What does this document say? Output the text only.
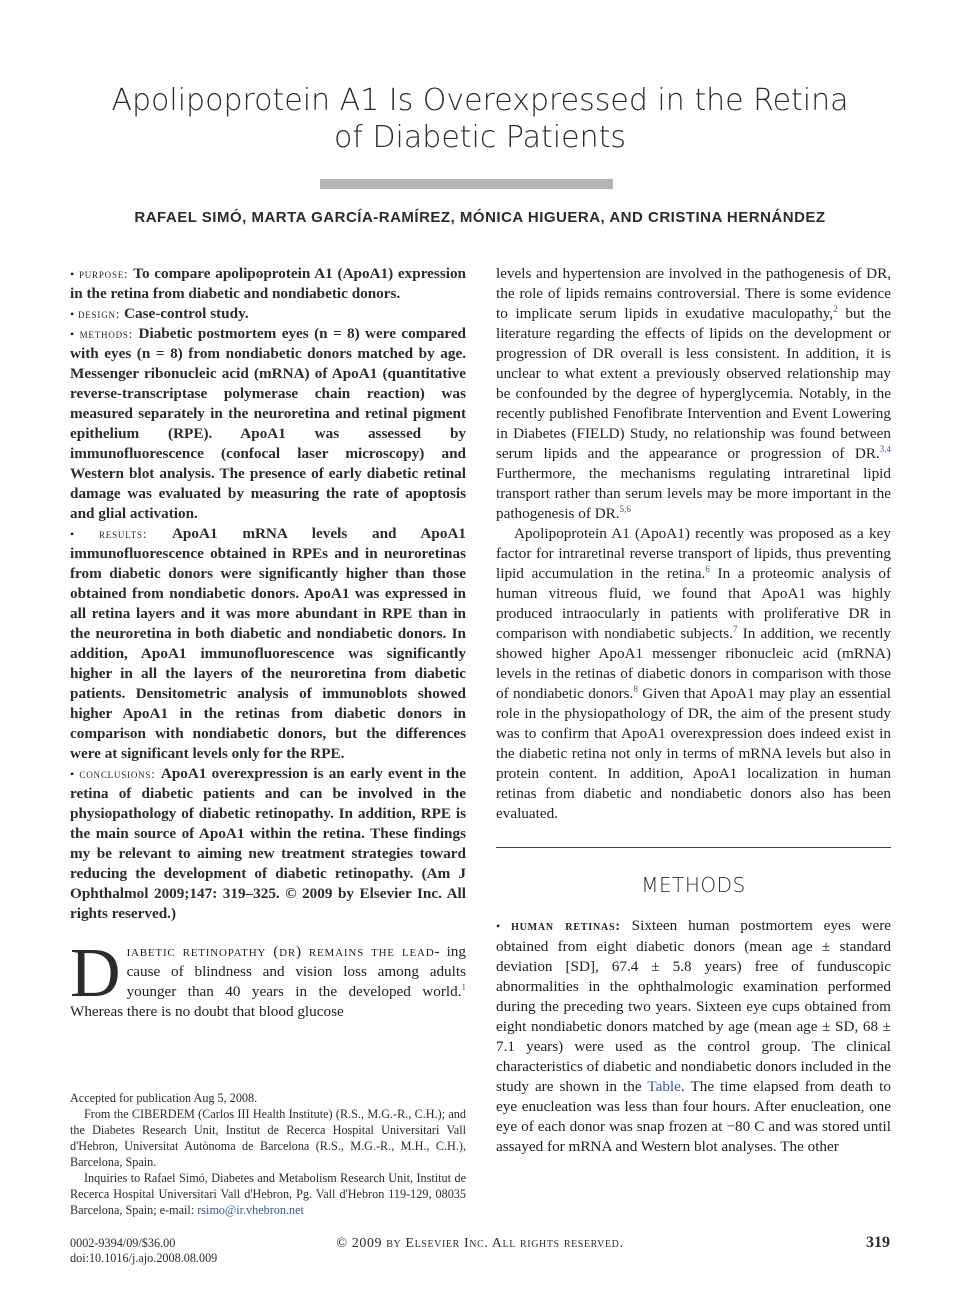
Apolipoprotein A1 Is Overexpressed in the Retina
of Diabetic Patients
RAFAEL SIMÓ, MARTA GARCÍA-RAMÍREZ, MÓNICA HIGUERA, AND CRISTINA HERNÁNDEZ

• purpose: To compare apolipoprotein A1 (ApoA1) expression in the retina from diabetic and nondiabetic donors.

• design: Case-control study.

• methods: Diabetic postmortem eyes (n = 8) were compared with eyes (n = 8) from nondiabetic donors matched by age. Messenger ribonucleic acid (mRNA) of ApoA1 (quantitative reverse-transcriptase polymerase chain reaction) was measured separately in the neuroretina and retinal pigment epithelium (RPE). ApoA1 was assessed by immunofluorescence (confocal laser microscopy) and Western blot analysis. The presence of early diabetic retinal damage was evaluated by measuring the rate of apoptosis and glial activation.

• results: ApoA1 mRNA levels and ApoA1 immunofluorescence obtained in RPEs and in neuroretinas from diabetic donors were significantly higher than those obtained from nondiabetic donors. ApoA1 was expressed in all retina layers and it was more abundant in RPE than in the neuroretina in both diabetic and nondiabetic donors. In addition, ApoA1 immunofluorescence was significantly higher in all the layers of the neuroretina from diabetic patients. Densitometric analysis of immunoblots showed higher ApoA1 in the retinas from diabetic donors in comparison with nondiabetic donors, but the differences were at significant levels only for the RPE.

• conclusions: ApoA1 overexpression is an early event in the retina of diabetic patients and can be involved in the physiopathology of diabetic retinopathy. In addition, RPE is the main source of ApoA1 within the retina. These findings my be relevant to aiming new treatment strategies toward reducing the development of diabetic retinopathy. (Am J Ophthalmol 2009;147: 319–325. © 2009 by Elsevier Inc. All rights reserved.)

D iabetic retinopathy (dr) remains the lead- ing cause of blindness and vision loss among adults younger than 40 years in the developed world.$^1$ Whereas there is no doubt that blood glucose

levels and hypertension are involved in the pathogenesis of DR, the role of lipids remains controversial. There is some evidence to implicate serum lipids in exudative maculopathy,$^2$ but the literature regarding the effects of lipids on the development or progression of DR overall is less consistent. In addition, it is unclear to what extent a previously observed relationship may be confounded by the degree of hyperglycemia. Notably, in the recently published Fenofibrate Intervention and Event Lowering in Diabetes (FIELD) Study, no relationship was found between serum lipids and the appearance or progression of DR.$^{3,4}$ Furthermore, the mechanisms regulating intraretinal lipid transport rather than serum levels may be more important in the pathogenesis of DR.$^{5,6}$

Apolipoprotein A1 (ApoA1) recently was proposed as a key factor for intraretinal reverse transport of lipids, thus preventing lipid accumulation in the retina.$^6$ In a proteomic analysis of human vitreous fluid, we found that ApoA1 was highly produced intraocularly in patients with proliferative DR in comparison with nondiabetic subjects.$^7$ In addition, we recently showed higher ApoA1 messenger ribonucleic acid (mRNA) levels in the retinas of diabetic donors in comparison with those of nondiabetic donors.$^8$ Given that ApoA1 may play an essential role in the physiopathology of DR, the aim of the present study was to confirm that ApoA1 overexpression does indeed exist in the diabetic retina not only in terms of mRNA levels but also in protein content. In addition, ApoA1 localization in human retinas from diabetic and nondiabetic donors also has been evaluated.

METHODS

• human retinas: Sixteen human postmortem eyes were obtained from eight diabetic donors (mean age ± standard deviation [SD], 67.4 ± 5.8 years) free of funduscopic abnormalities in the ophthalmologic examination performed during the preceding two years. Sixteen eye cups obtained from eight nondiabetic donors matched by age (mean age ± SD, 68 ± 7.1 years) were used as the control group. The clinical characteristics of diabetic and nondiabetic donors included in the study are shown in the Table. The time elapsed from death to eye enucleation was less than four hours. After enucleation, one eye of each donor was snap frozen at −80 C and was stored until assayed for mRNA and Western blot analyses. The other

Accepted for publication Aug 5, 2008.

From the CIBERDEM (Carlos III Health Institute) (R.S., M.G.-R., C.H.); and the Diabetes Research Unit, Institut de Recerca Hospital Universitari Vall d'Hebron, Universitat Autònoma de Barcelona (R.S., M.G.-R., M.H., C.H.), Barcelona, Spain.

Inquiries to Rafael Simó, Diabetes and Metabolism Research Unit, Institut de Recerca Hospital Universitari Vall d'Hebron, Pg. Vall d'Hebron 119-129, 08035 Barcelona, Spain; e-mail: rsimo@ir.vhebron.net

0002-9394/09/$36.00
doi:10.1016/j.ajo.2008.08.009
© 2009 by Elsevier Inc. All rights reserved.	319
